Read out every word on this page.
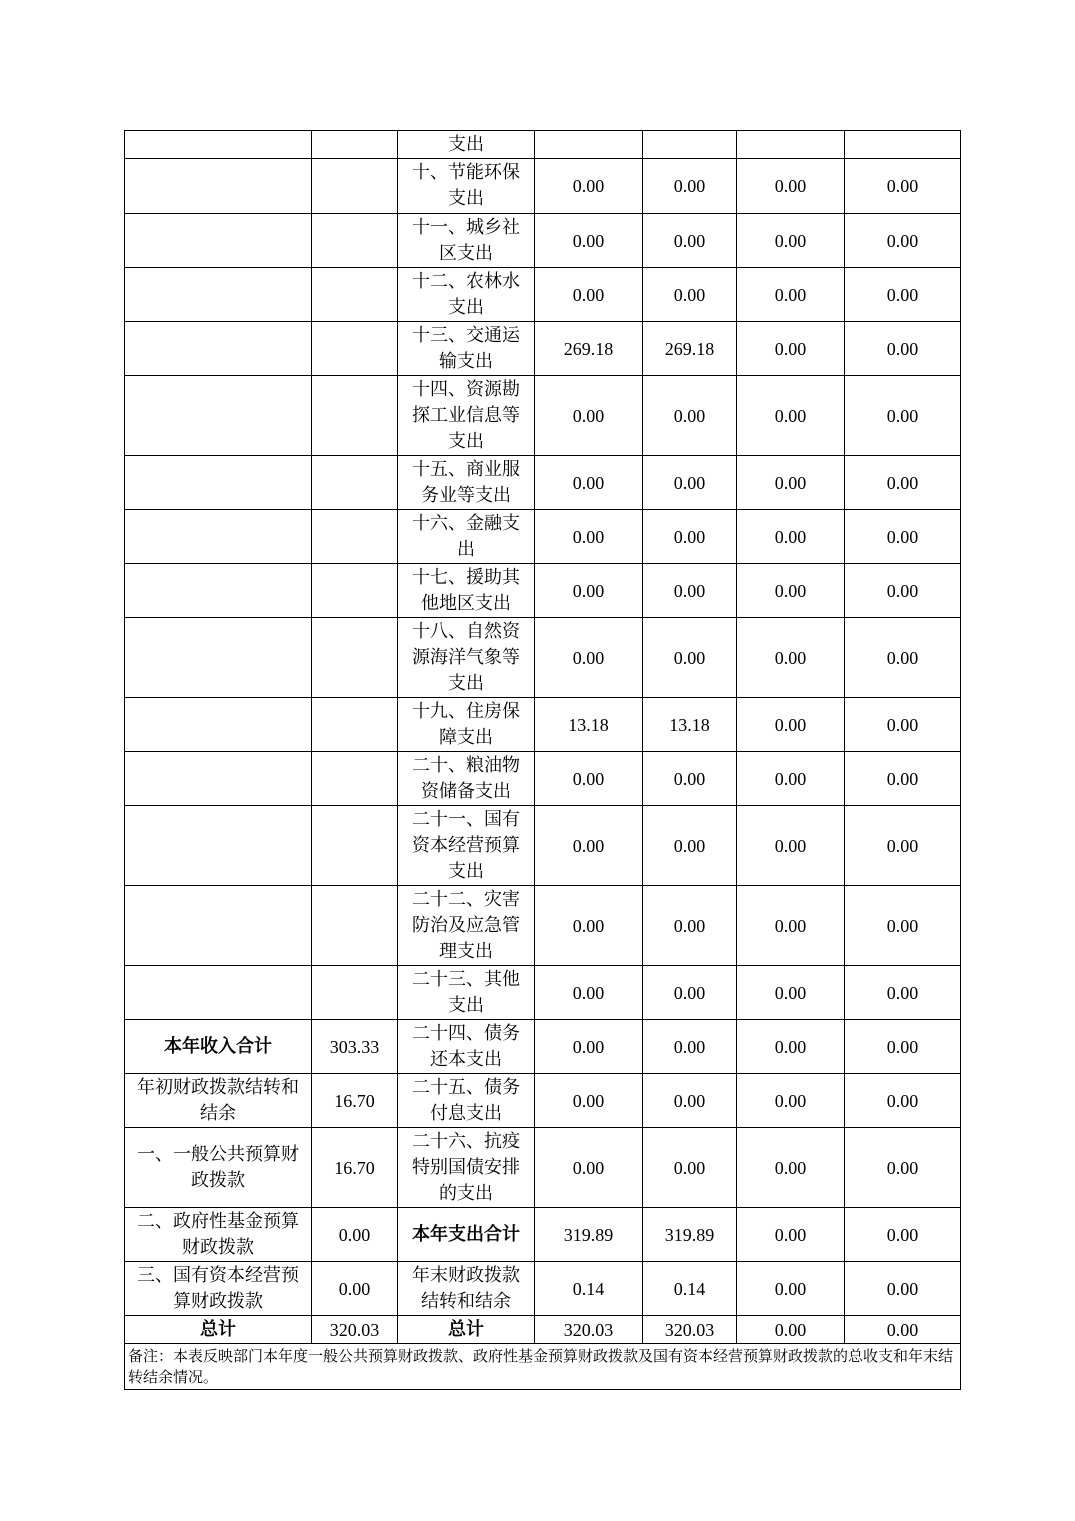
		支出				
		十、节能环保
支出	0.00	0.00	0.00	0.00
		十一、城乡社
区支出	0.00	0.00	0.00	0.00
		十二、农林水
支出	0.00	0.00	0.00	0.00
		十三、交通运
输支出	269.18	269.18	0.00	0.00
		十四、资源勘
探工业信息等
支出	0.00	0.00	0.00	0.00
		十五、商业服
务业等支出	0.00	0.00	0.00	0.00
		十六、金融支
出	0.00	0.00	0.00	0.00
		十七、援助其
他地区支出	0.00	0.00	0.00	0.00
		十八、自然资
源海洋气象等
支出	0.00	0.00	0.00	0.00
		十九、住房保
障支出	13.18	13.18	0.00	0.00
		二十、粮油物
资储备支出	0.00	0.00	0.00	0.00
		二十一、国有
资本经营预算
支出	0.00	0.00	0.00	0.00
		二十二、灾害
防治及应急管
理支出	0.00	0.00	0.00	0.00
		二十三、其他
支出	0.00	0.00	0.00	0.00
本年收入合计	303.33	二十四、债务
还本支出	0.00	0.00	0.00	0.00
年初财政拨款结转和
结余	16.70	二十五、债务
付息支出	0.00	0.00	0.00	0.00
一、一般公共预算财
政拨款	16.70	二十六、抗疫
特别国债安排
的支出	0.00	0.00	0.00	0.00
二、政府性基金预算
财政拨款	0.00	本年支出合计	319.89	319.89	0.00	0.00
三、国有资本经营预
算财政拨款	0.00	年末财政拨款
结转和结余	0.14	0.14	0.00	0.00
总计	320.03	总计	320.03	320.03	0.00	0.00
备注：本表反映部门本年度一般公共预算财政拨款、政府性基金预算财政拨款及国有资本经营预算财政拨款的总收支和年末结转结余情况。						
